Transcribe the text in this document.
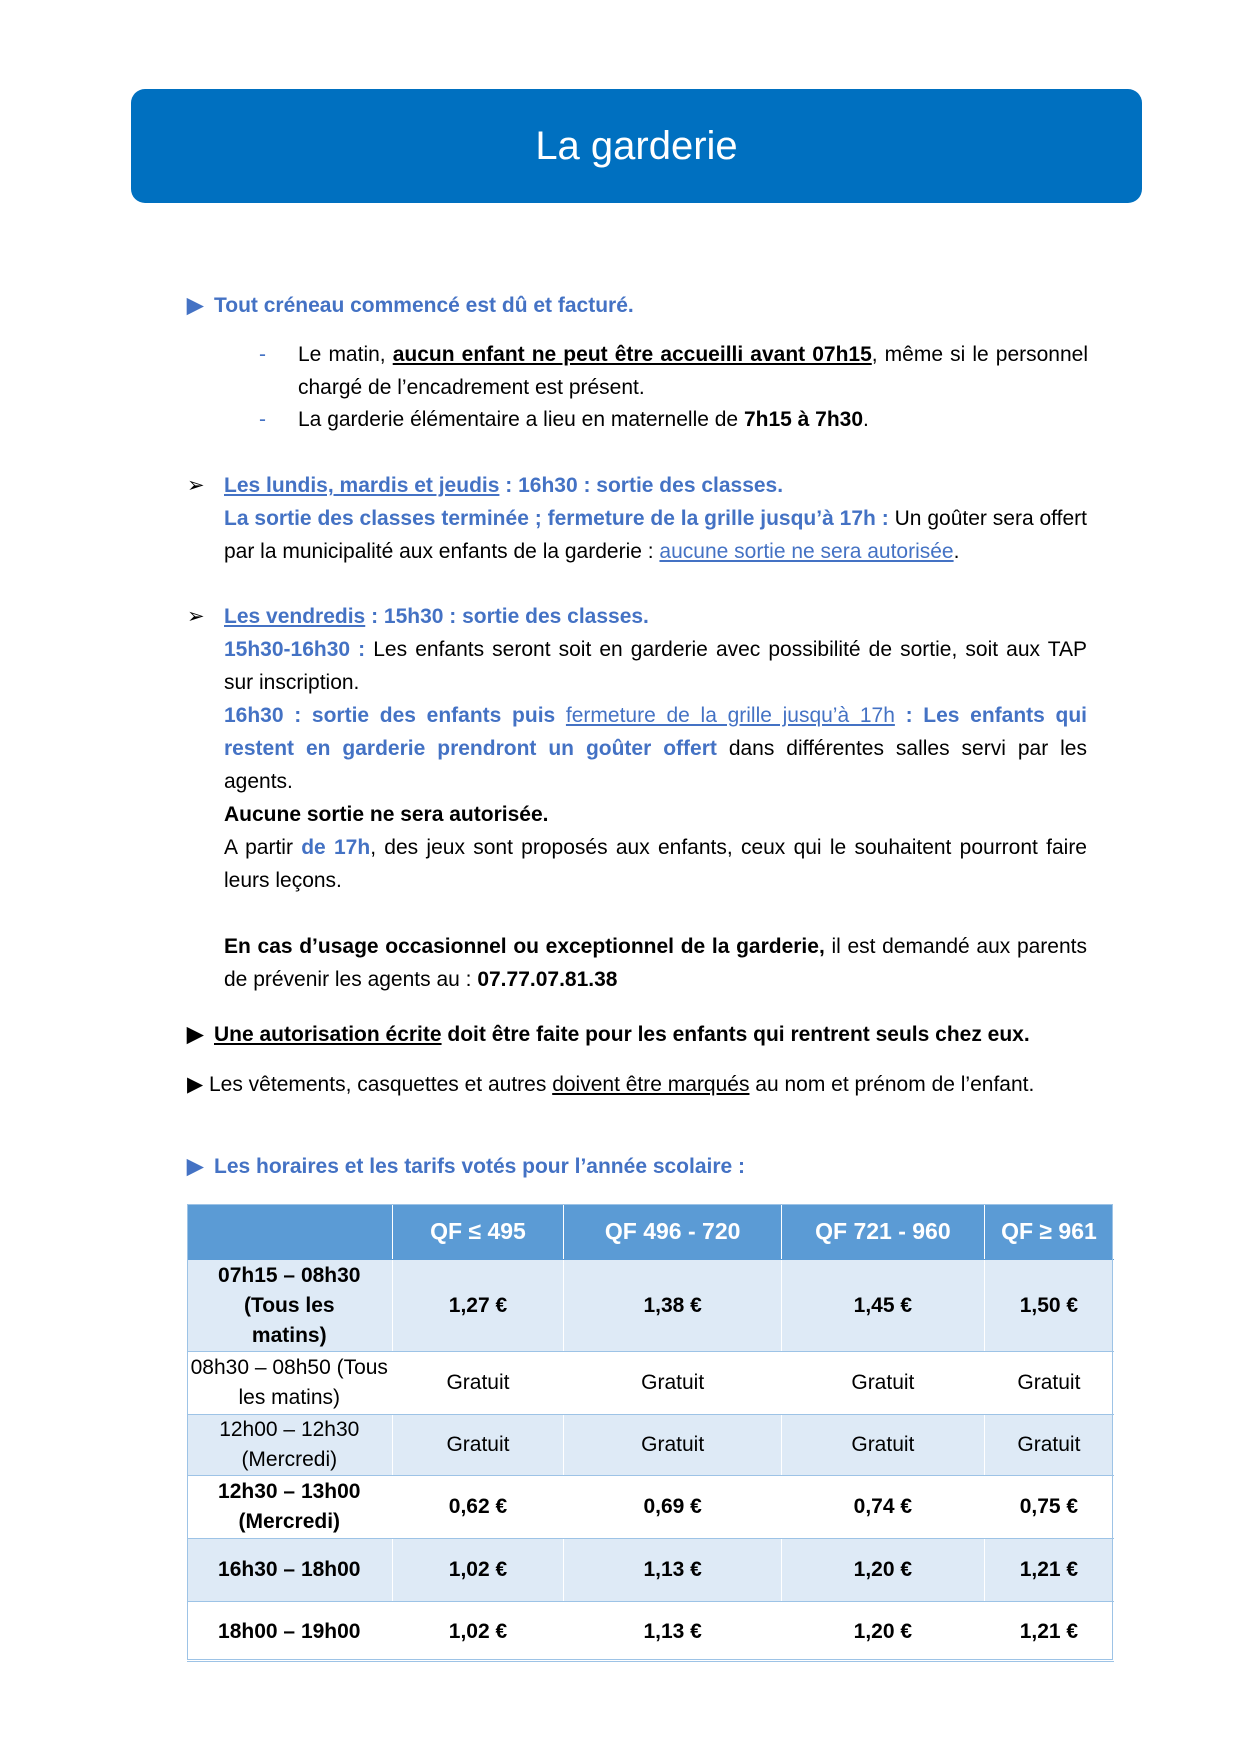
La garderie
▶ Tout créneau commencé est dû et facturé.
- Le matin, aucun enfant ne peut être accueilli avant 07h15, même si le personnel chargé de l’encadrement est présent.
- La garderie élémentaire a lieu en maternelle de 7h15 à 7h30.
➢ Les lundis, mardis et jeudis : 16h30 : sortie des classes.
La sortie des classes terminée ; fermeture de la grille jusqu’à 17h : Un goûter sera offert par la municipalité aux enfants de la garderie : aucune sortie ne sera autorisée.
➢ Les vendredis : 15h30 : sortie des classes.
15h30-16h30 : Les enfants seront soit en garderie avec possibilité de sortie, soit aux TAP sur inscription.
16h30 : sortie des enfants puis fermeture de la grille jusqu’à 17h : Les enfants qui restent en garderie prendront un goûter offert dans différentes salles servi par les agents.
Aucune sortie ne sera autorisée.
A partir de 17h, des jeux sont proposés aux enfants, ceux qui le souhaitent pourront faire leurs leçons.
En cas d’usage occasionnel ou exceptionnel de la garderie, il est demandé aux parents de prévenir les agents au : 07.77.07.81.38
▶ Une autorisation écrite doit être faite pour les enfants qui rentrent seuls chez eux.
▶ Les vêtements, casquettes et autres doivent être marqués au nom et prénom de l’enfant.
▶ Les horaires et les tarifs votés pour l’année scolaire :
	QF ≤ 495	QF 496 - 720	QF 721 - 960	QF ≥ 961
07h15 – 08h30 (Tous les matins)	1,27 €	1,38 €	1,45 €	1,50 €
08h30 – 08h50 (Tous les matins)	Gratuit	Gratuit	Gratuit	Gratuit
12h00 – 12h30 (Mercredi)	Gratuit	Gratuit	Gratuit	Gratuit
12h30 – 13h00 (Mercredi)	0,62 €	0,69 €	0,74 €	0,75 €
16h30 – 18h00	1,02 €	1,13 €	1,20 €	1,21 €
18h00 – 19h00	1,02 €	1,13 €	1,20 €	1,21 €
